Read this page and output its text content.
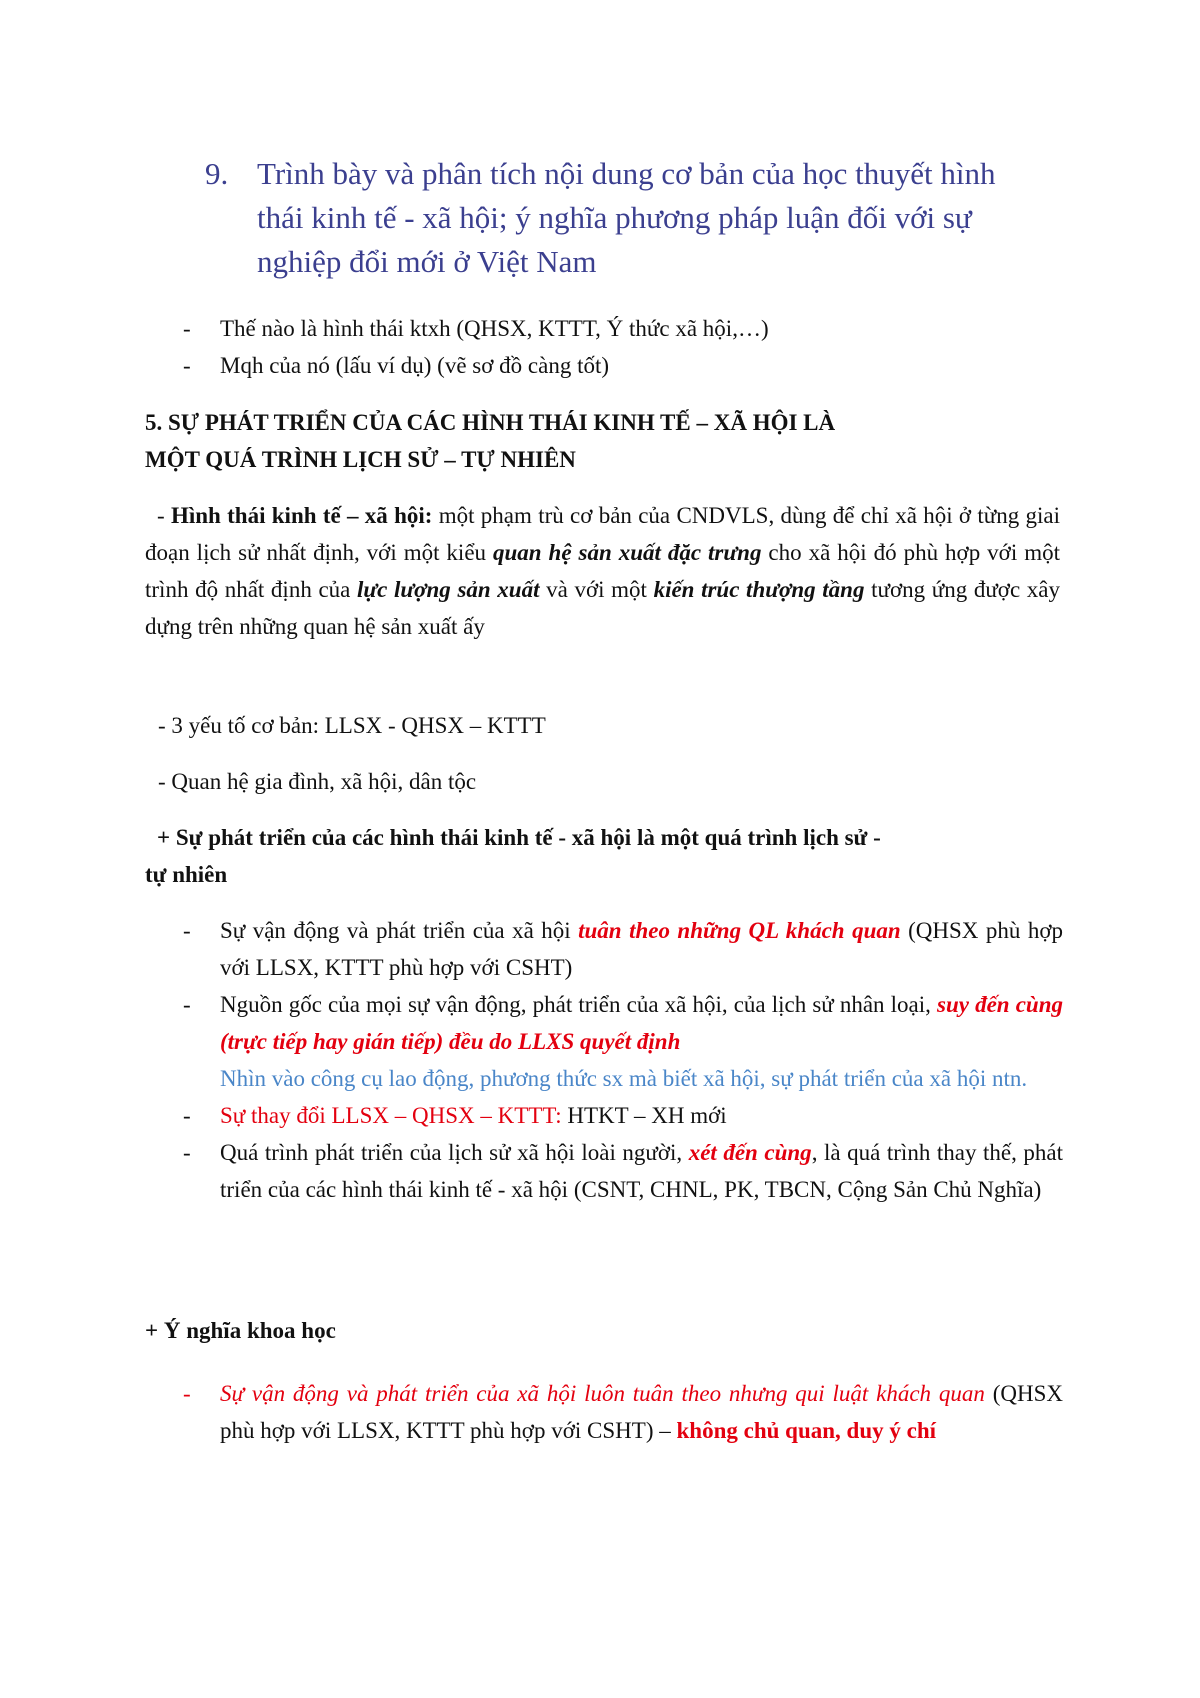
9. Trình bày và phân tích nội dung cơ bản của học thuyết hình thái kinh tế - xã hội; ý nghĩa phương pháp luận đối với sự nghiệp đổi mới ở Việt Nam

- Thế nào là hình thái ktxh (QHSX, KTTT, Ý thức xã hội,…)

- Mqh của nó (lấu ví dụ) (vẽ sơ đồ càng tốt)

5. SỰ PHÁT TRIỂN CỦA CÁC HÌNH THÁI KINH TẾ – XÃ HỘI LÀ
MỘT QUÁ TRÌNH LỊCH SỬ – TỰ NHIÊN
- Hình thái kinh tế – xã hội: một phạm trù cơ bản của CNDVLS, dùng để chỉ xã hội ở từng giai đoạn lịch sử nhất định, với một kiểu quan hệ sản xuất đặc trưng cho xã hội đó phù hợp với một trình độ nhất định của lực lượng sản xuất và với một kiến trúc thượng tầng tương ứng được xây dựng trên những quan hệ sản xuất ấy
- 3 yếu tố cơ bản: LLSX - QHSX – KTTT
- Quan hệ gia đình, xã hội, dân tộc
+ Sự phát triển của các hình thái kinh tế - xã hội là một quá trình lịch sử -
tự nhiên

- Sự vận động và phát triển của xã hội tuân theo những QL khách quan (QHSX phù hợp với LLSX, KTTT phù hợp với CSHT)

- Nguồn gốc của mọi sự vận động, phát triển của xã hội, của lịch sử nhân loại, suy đến cùng (trực tiếp hay gián tiếp) đều do LLXS quyết định
Nhìn vào công cụ lao động, phương thức sx mà biết xã hội, sự phát triển của xã hội ntn.

- Sự thay đổi LLSX – QHSX – KTTT: HTKT – XH mới

- Quá trình phát triển của lịch sử xã hội loài người, xét đến cùng, là quá trình thay thế, phát triển của các hình thái kinh tế - xã hội (CSNT, CHNL, PK, TBCN, Cộng Sản Chủ Nghĩa)

+ Ý nghĩa khoa học

- Sự vận động và phát triển của xã hội luôn tuân theo nhưng qui luật khách quan (QHSX phù hợp với LLSX, KTTT phù hợp với CSHT) – không chủ quan, duy ý chí
